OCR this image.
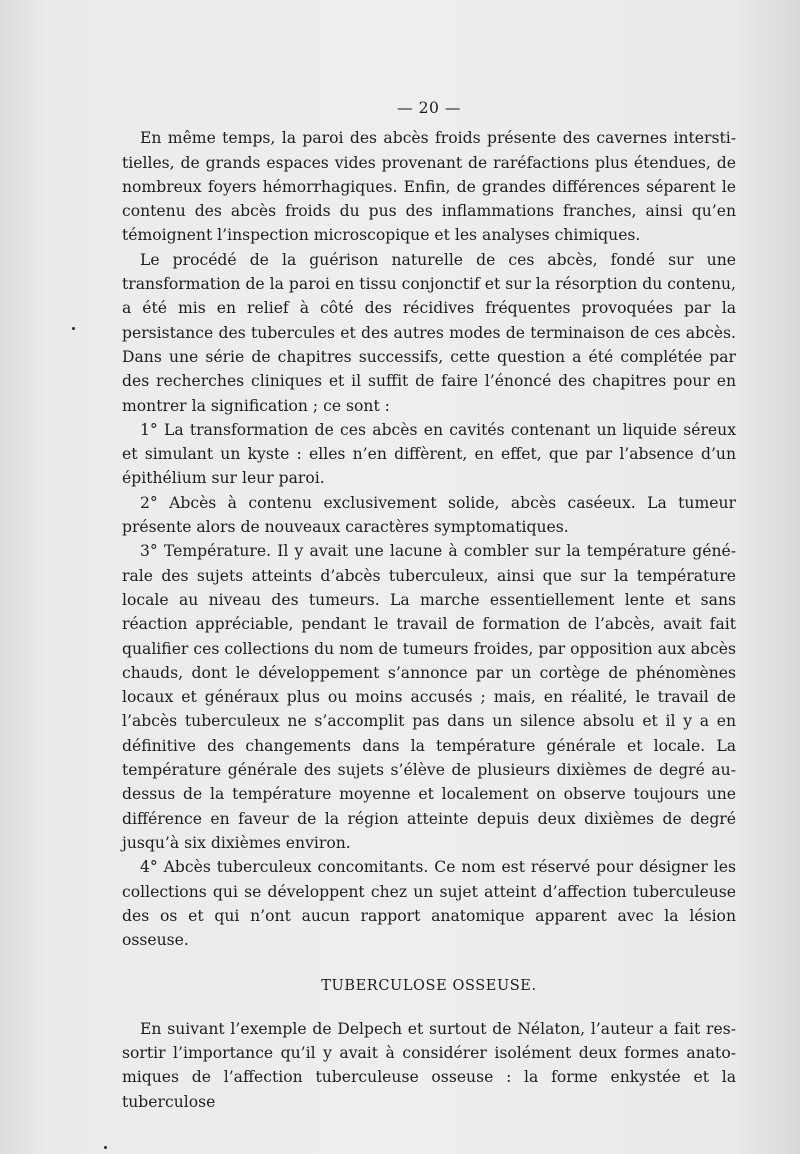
— 20 —

En même temps, la paroi des abcès froids présente des cavernes interstitielles, de grands espaces vides provenant de raréfactions plus étendues, de nombreux foyers hémorrhagiques. Enfin, de grandes différences séparent le contenu des abcès froids du pus des inflammations franches, ainsi qu’en témoignent l’inspection microscopique et les analyses chimiques.

Le procédé de la guérison naturelle de ces abcès, fondé sur une transformation de la paroi en tissu conjonctif et sur la résorption du contenu, a été mis en relief à côté des récidives fréquentes provoquées par la persistance des tubercules et des autres modes de terminaison de ces abcès. Dans une série de chapitres successifs, cette question a été complétée par des recherches cliniques et il suffit de faire l’énoncé des chapitres pour en montrer la signification ; ce sont :

1° La transformation de ces abcès en cavités contenant un liquide séreux et simulant un kyste : elles n’en diffèrent, en effet, que par l’absence d’un épithélium sur leur paroi.

2° Abcès à contenu exclusivement solide, abcès caséeux. La tumeur présente alors de nouveaux caractères symptomatiques.

3° Température. Il y avait une lacune à combler sur la température générale des sujets atteints d’abcès tuberculeux, ainsi que sur la température locale au niveau des tumeurs. La marche essentiellement lente et sans réaction appréciable, pendant le travail de formation de l’abcès, avait fait qualifier ces collections du nom de tumeurs froides, par opposition aux abcès chauds, dont le développement s’annonce par un cortège de phénomènes locaux et généraux plus ou moins accusés ; mais, en réalité, le travail de l’abcès tuberculeux ne s’accomplit pas dans un silence absolu et il y a en définitive des changements dans la température générale et locale. La température générale des sujets s’élève de plusieurs dixièmes de degré au-dessus de la température moyenne et localement on observe toujours une différence en faveur de la région atteinte depuis deux dixièmes de degré jusqu’à six dixièmes environ.

4° Abcès tuberculeux concomitants. Ce nom est réservé pour désigner les collections qui se développent chez un sujet atteint d’affection tuberculeuse des os et qui n’ont aucun rapport anatomique apparent avec la lésion osseuse.

TUBERCULOSE OSSEUSE.

En suivant l’exemple de Delpech et surtout de Nélaton, l’auteur a fait ressortir l’importance qu’il y avait à considérer isolément deux formes anatomiques de l’affection tuberculeuse osseuse : la forme enkystée et la tuberculose
